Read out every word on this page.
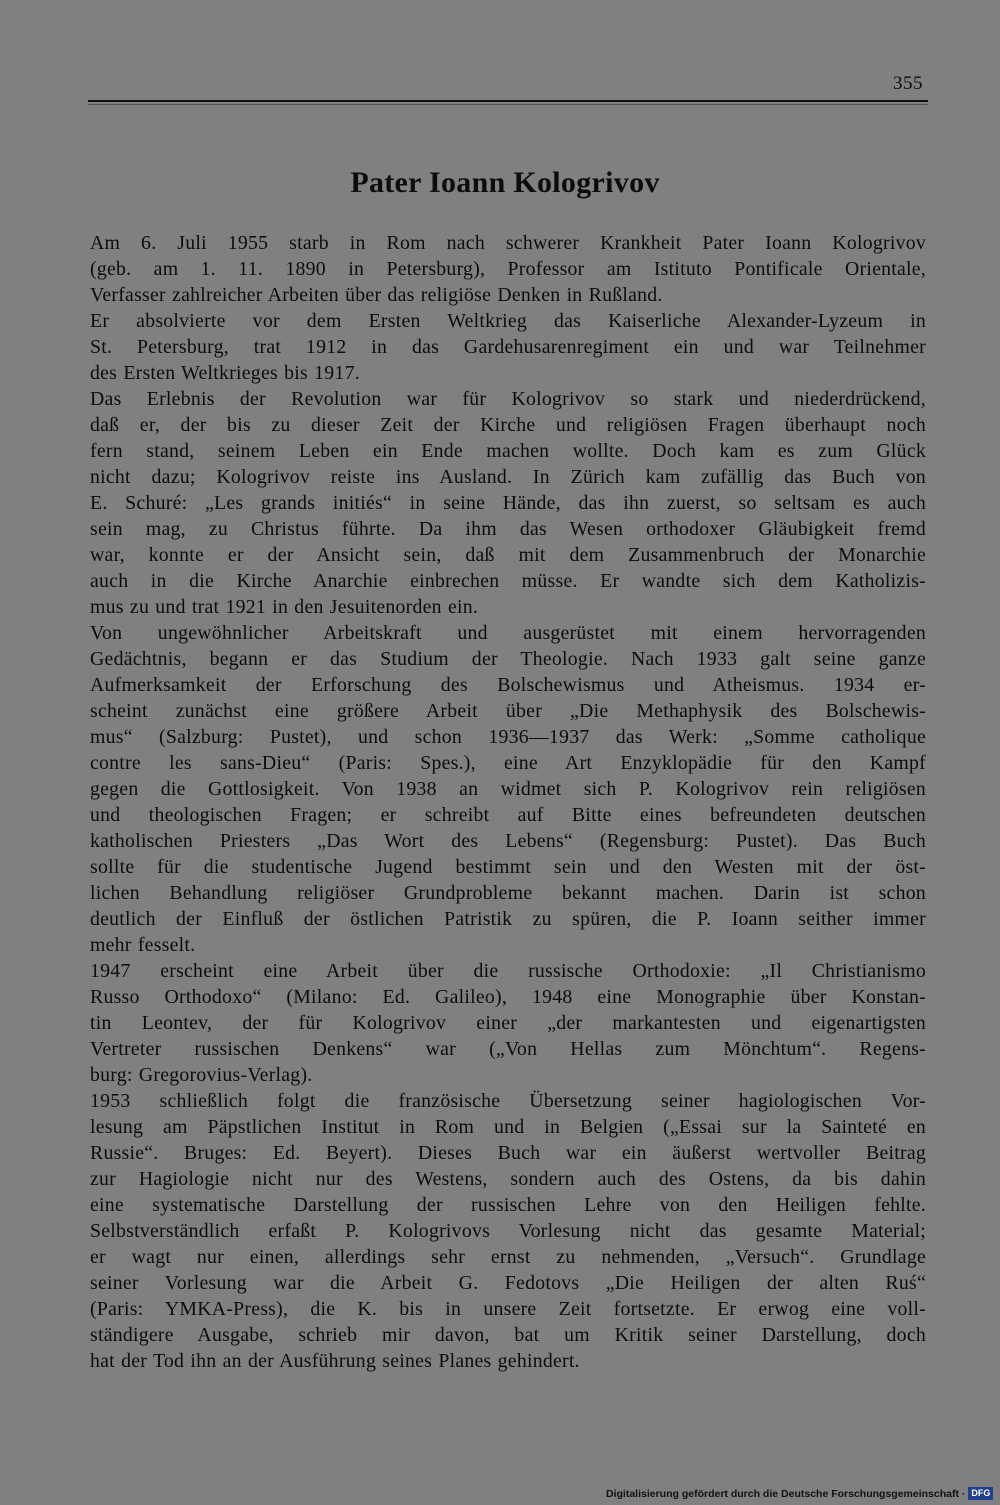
355
Pater Ioann Kologrivov
Am 6. Juli 1955 starb in Rom nach schwerer Krankheit Pater Ioann Kologrivov
(geb. am 1. 11. 1890 in Petersburg), Professor am Istituto Pontificale Orientale,
Verfasser zahlreicher Arbeiten über das religiöse Denken in Rußland.
Er absolvierte vor dem Ersten Weltkrieg das Kaiserliche Alexander-Lyzeum in
St. Petersburg, trat 1912 in das Gardehusarenregiment ein und war Teilnehmer
des Ersten Weltkrieges bis 1917.
Das Erlebnis der Revolution war für Kologrivov so stark und niederdrückend,
daß er, der bis zu dieser Zeit der Kirche und religiösen Fragen überhaupt noch
fern stand, seinem Leben ein Ende machen wollte. Doch kam es zum Glück
nicht dazu; Kologrivov reiste ins Ausland. In Zürich kam zufällig das Buch von
E. Schuré: „Les grands initiés“ in seine Hände, das ihn zuerst, so seltsam es auch
sein mag, zu Christus führte. Da ihm das Wesen orthodoxer Gläubigkeit fremd
war, konnte er der Ansicht sein, daß mit dem Zusammenbruch der Monarchie
auch in die Kirche Anarchie einbrechen müsse. Er wandte sich dem Katholizis-
mus zu und trat 1921 in den Jesuitenorden ein.
Von ungewöhnlicher Arbeitskraft und ausgerüstet mit einem hervorragenden
Gedächtnis, begann er das Studium der Theologie. Nach 1933 galt seine ganze
Aufmerksamkeit der Erforschung des Bolschewismus und Atheismus. 1934 er-
scheint zunächst eine größere Arbeit über „Die Methaphysik des Bolschewis-
mus“ (Salzburg: Pustet), und schon 1936—1937 das Werk: „Somme catholique
contre les sans-Dieu“ (Paris: Spes.), eine Art Enzyklopädie für den Kampf
gegen die Gottlosigkeit. Von 1938 an widmet sich P. Kologrivov rein religiösen
und theologischen Fragen; er schreibt auf Bitte eines befreundeten deutschen
katholischen Priesters „Das Wort des Lebens“ (Regensburg: Pustet). Das Buch
sollte für die studentische Jugend bestimmt sein und den Westen mit der öst-
lichen Behandlung religiöser Grundprobleme bekannt machen. Darin ist schon
deutlich der Einfluß der östlichen Patristik zu spüren, die P. Ioann seither immer
mehr fesselt.
1947 erscheint eine Arbeit über die russische Orthodoxie: „Il Christianismo
Russo Orthodoxo“ (Milano: Ed. Galileo), 1948 eine Monographie über Konstan-
tin Leontev, der für Kologrivov einer „der markantesten und eigenartigsten
Vertreter russischen Denkens“ war („Von Hellas zum Mönchtum“. Regens-
burg: Gregorovius-Verlag).
1953 schließlich folgt die französische Übersetzung seiner hagiologischen Vor-
lesung am Päpstlichen Institut in Rom und in Belgien („Essai sur la Sainteté en
Russie“. Bruges: Ed. Beyert). Dieses Buch war ein äußerst wertvoller Beitrag
zur Hagiologie nicht nur des Westens, sondern auch des Ostens, da bis dahin
eine systematische Darstellung der russischen Lehre von den Heiligen fehlte.
Selbstverständlich erfaßt P. Kologrivovs Vorlesung nicht das gesamte Material;
er wagt nur einen, allerdings sehr ernst zu nehmenden, „Versuch“. Grundlage
seiner Vorlesung war die Arbeit G. Fedotovs „Die Heiligen der alten Ruś“
(Paris: YMKA-Press), die K. bis in unsere Zeit fortsetzte. Er erwog eine voll-
ständigere Ausgabe, schrieb mir davon, bat um Kritik seiner Darstellung, doch
hat der Tod ihn an der Ausführung seines Planes gehindert.
Digitalisierung gefördert durch die Deutsche Forschungsgemeinschaft · DFG
